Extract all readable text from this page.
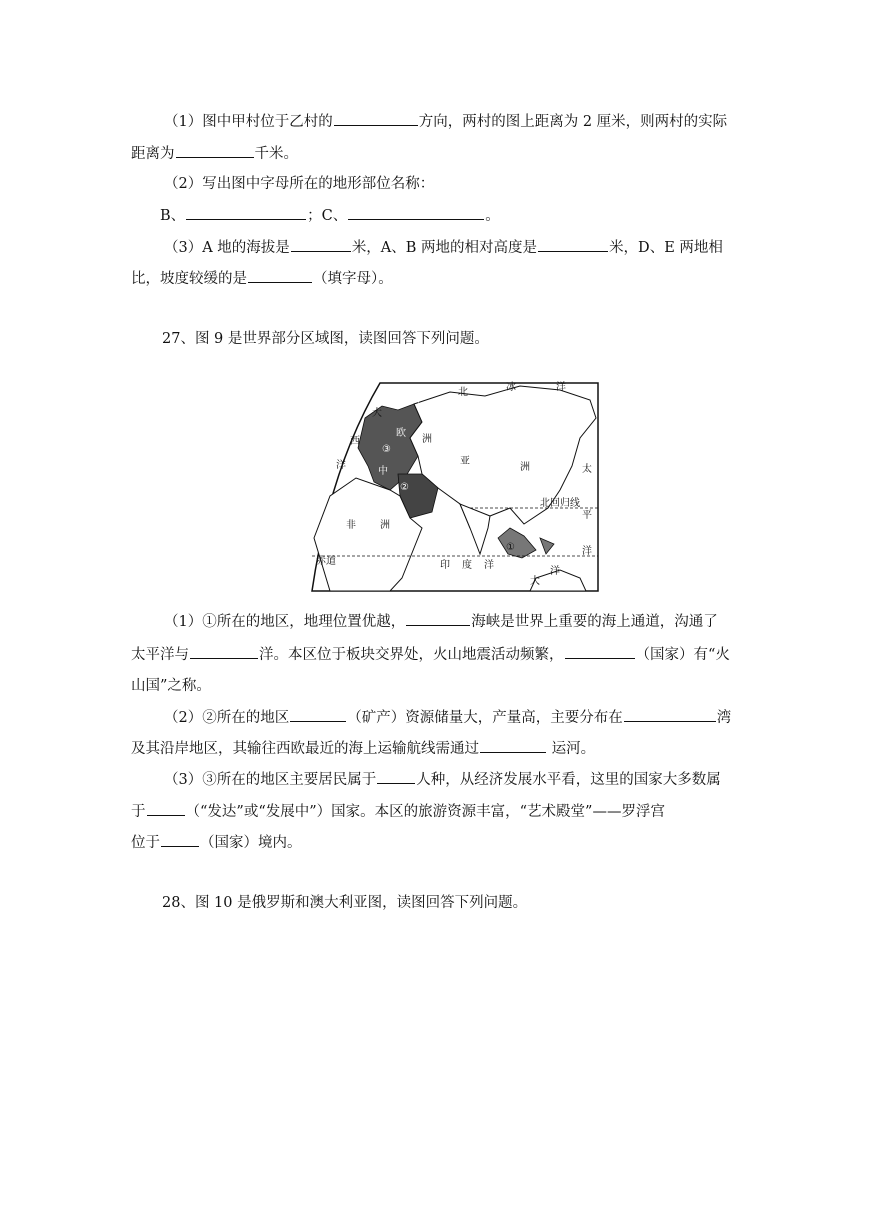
（1）图中甲村位于乙村的	方向，两村的图上距离为 2 厘米，则两村的实际
距离为	千米。
（2）写出图中字母所在的地形部位名称：
B、	；C、	。
（3）A 地的海拔是	米，A、B 两地的相对高度是	米，D、E 两地相
比，坡度较缓的是	（填字母）。
27、图 9 是世界部分区域图，读图回答下列问题。
北	冰	洋
北极圈
大
西
洋
欧
洲
亚
洲	太
北回归线
平
洋
非 洲
赤道	印 度 洋
大
洋
中
①
②
③
（1）①所在的地区，地理位置优越，	海峡是世界上重要的海上通道，沟通了
太平洋与	洋。本区位于板块交界处，火山地震活动频繁，	（国家）有“火
山国”之称。
（2）②所在的地区	（矿产）资源储量大，产量高，主要分布在	湾
及其沿岸地区，其输往西欧最近的海上运输航线需通过	运河。
（3）③所在的地区主要居民属于	人种，从经济发展水平看，这里的国家大多数属
于	（“发达”或“发展中”）国家。本区的旅游资源丰富，“艺术殿堂”——罗浮宫
位于	（国家）境内。
28、图 10 是俄罗斯和澳大利亚图，读图回答下列问题。
